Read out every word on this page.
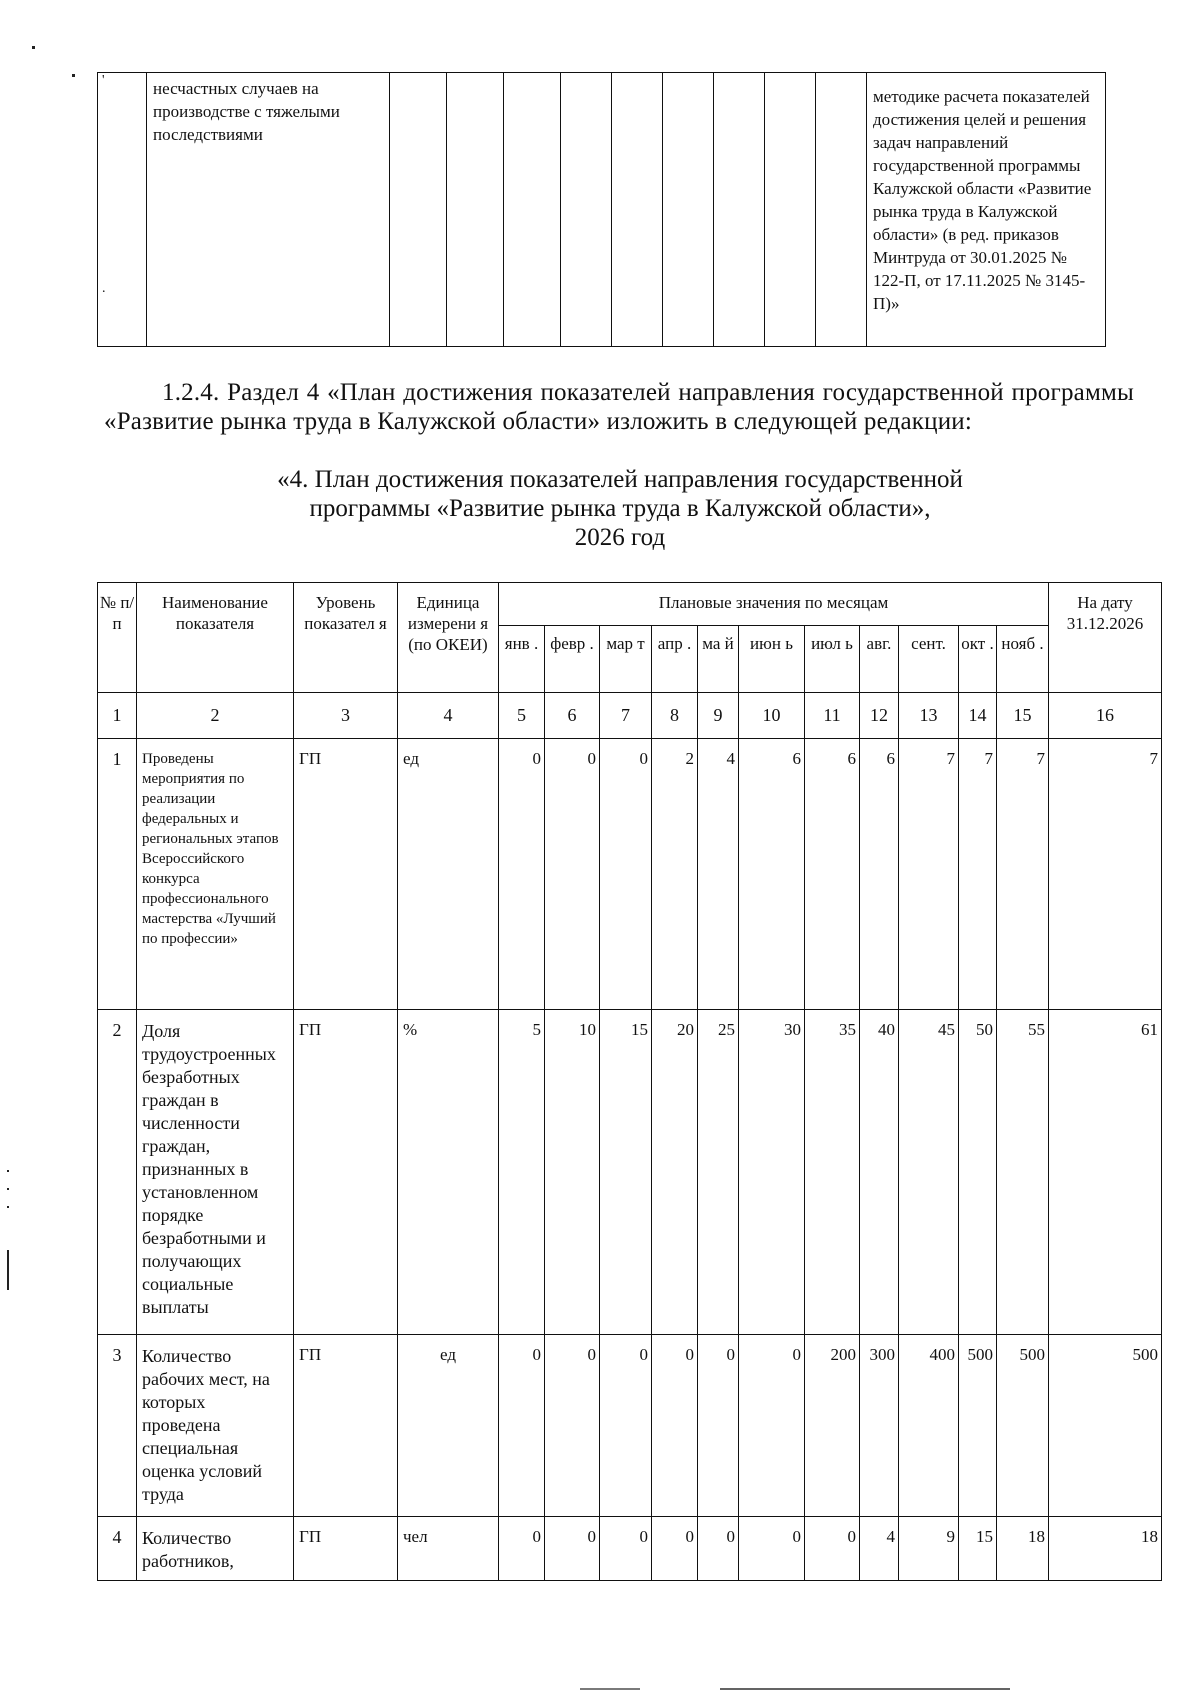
'
.
	несчастных случаев на производстве с тяжелыми последствиями										методике расчета показателей достижения целей и решения задач направлений государственной программы Калужской области «Развитие рынка труда в Калужской области» (в ред. приказов Минтруда от 30.01.2025 № 122-П, от 17.11.2025 № 3145-П)»
1.2.4. Раздел 4 «План достижения показателей направления государственной программы «Развитие рынка труда в Калужской области» изложить в следующей редакции:
«4. План достижения показателей направления государственной
программы «Развитие рынка труда в Калужской области»,
2026 год
№ п/ п	Наименование показателя	Уровень показател я	Единица измерени я (по ОКЕИ)	Плановые значения по месяцам											На дату 31.12.2026
				янв .	февр .	мар т	апр .	ма й	июн ь	июл ь	авг.	сент.	окт .	нояб .	
1	2	3	4	5	6	7	8	9	10	11	12	13	14	15	16
1	Проведены мероприятия по реализации федеральных и региональных этапов Всероссийского конкурса профессионального мастерства «Лучший по профессии»	ГП	ед	0	0	0	2	4	6	6	6	7	7	7	7
2	Доля трудоустроенных безработных граждан в численности граждан, признанных в установленном порядке безработными и получающих социальные выплаты	ГП	%	5	10	15	20	25	30	35	40	45	50	55	61
3	Количество рабочих мест, на которых проведена специальная оценка условий труда	ГП	ед	0	0	0	0	0	0	200	300	400	500	500	500
4	Количество работников,	ГП	чел	0	0	0	0	0	0	0	4	9	15	18	18
